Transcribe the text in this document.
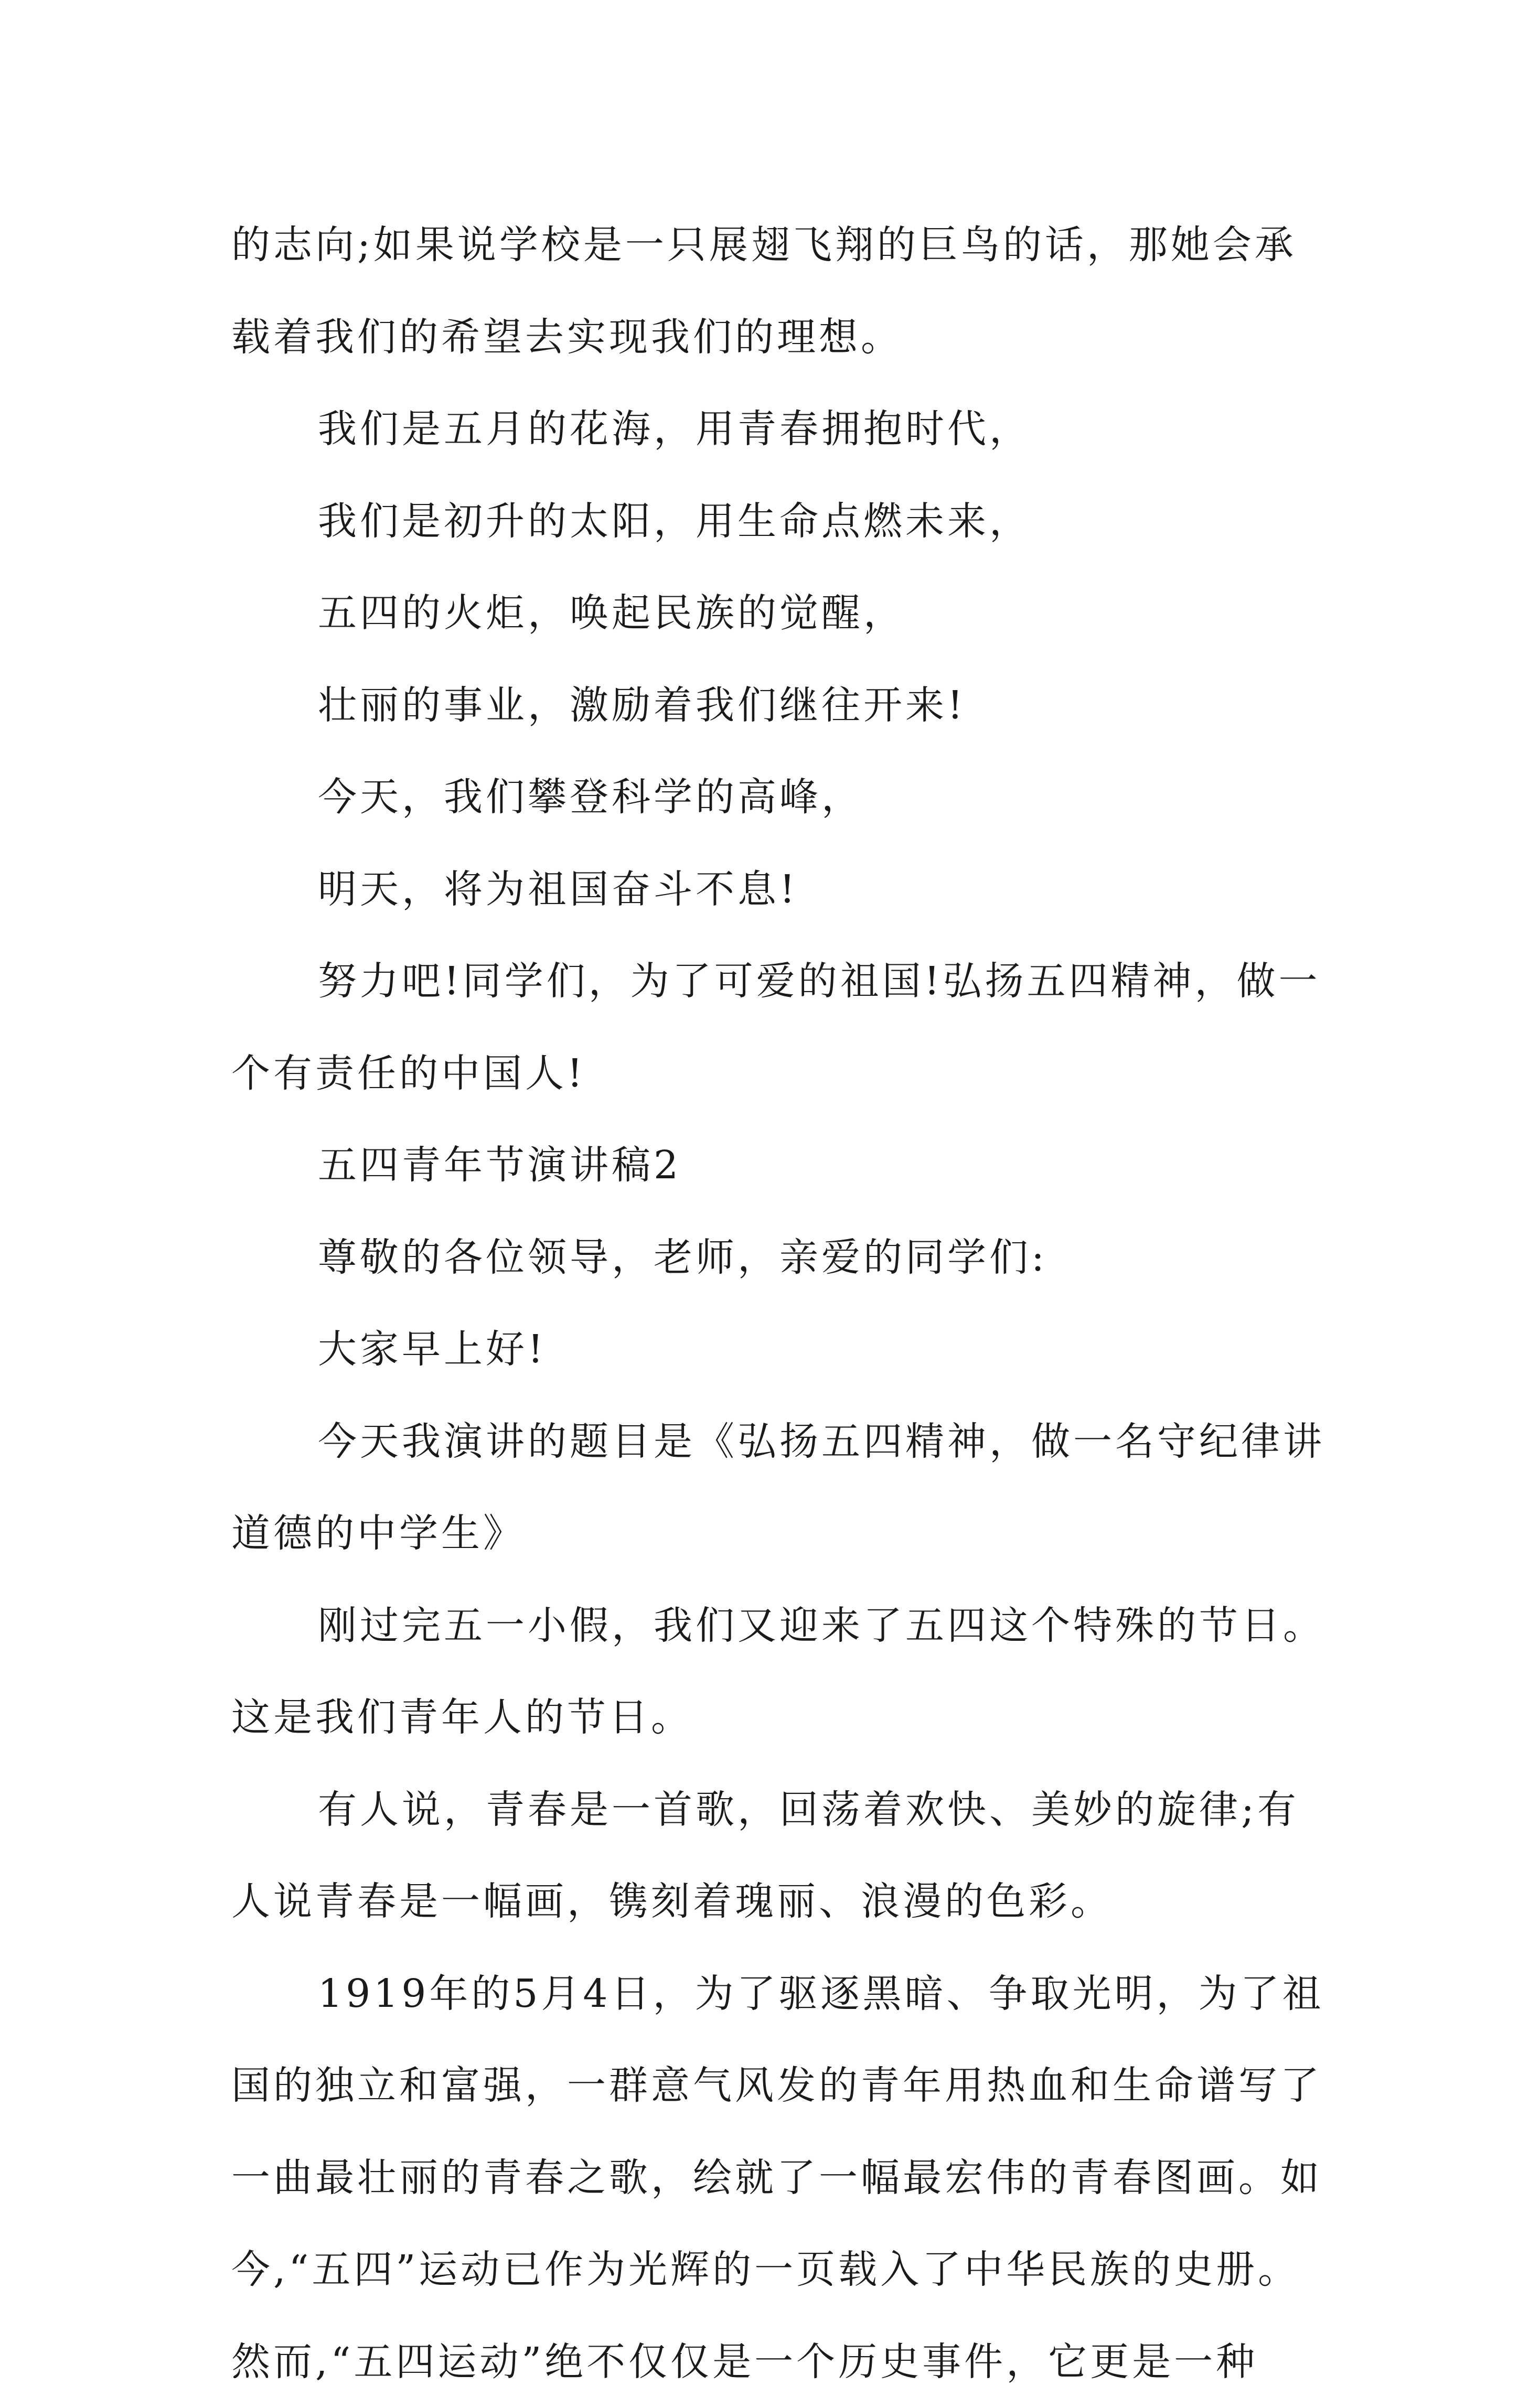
的志向;如果说学校是一只展翅飞翔的巨鸟的话，那她会承
载着我们的希望去实现我们的理想。
我们是五月的花海，用青春拥抱时代，
我们是初升的太阳，用生命点燃未来，
五四的火炬，唤起民族的觉醒，
壮丽的事业，激励着我们继往开来!
今天，我们攀登科学的高峰，
明天，将为祖国奋斗不息!
努力吧!同学们，为了可爱的祖国!弘扬五四精神，做一
个有责任的中国人!
五四青年节演讲稿2
尊敬的各位领导，老师，亲爱的同学们:
大家早上好!
今天我演讲的题目是《弘扬五四精神，做一名守纪律讲
道德的中学生》
刚过完五一小假，我们又迎来了五四这个特殊的节日。
这是我们青年人的节日。
有人说，青春是一首歌，回荡着欢快、美妙的旋律;有
人说青春是一幅画，镌刻着瑰丽、浪漫的色彩。
1919年的5月4日，为了驱逐黑暗、争取光明，为了祖
国的独立和富强，一群意气风发的青年用热血和生命谱写了
一曲最壮丽的青春之歌，绘就了一幅最宏伟的青春图画。如
今,“五四”运动已作为光辉的一页载入了中华民族的史册。
然而,“五四运动”绝不仅仅是一个历史事件，它更是一种
